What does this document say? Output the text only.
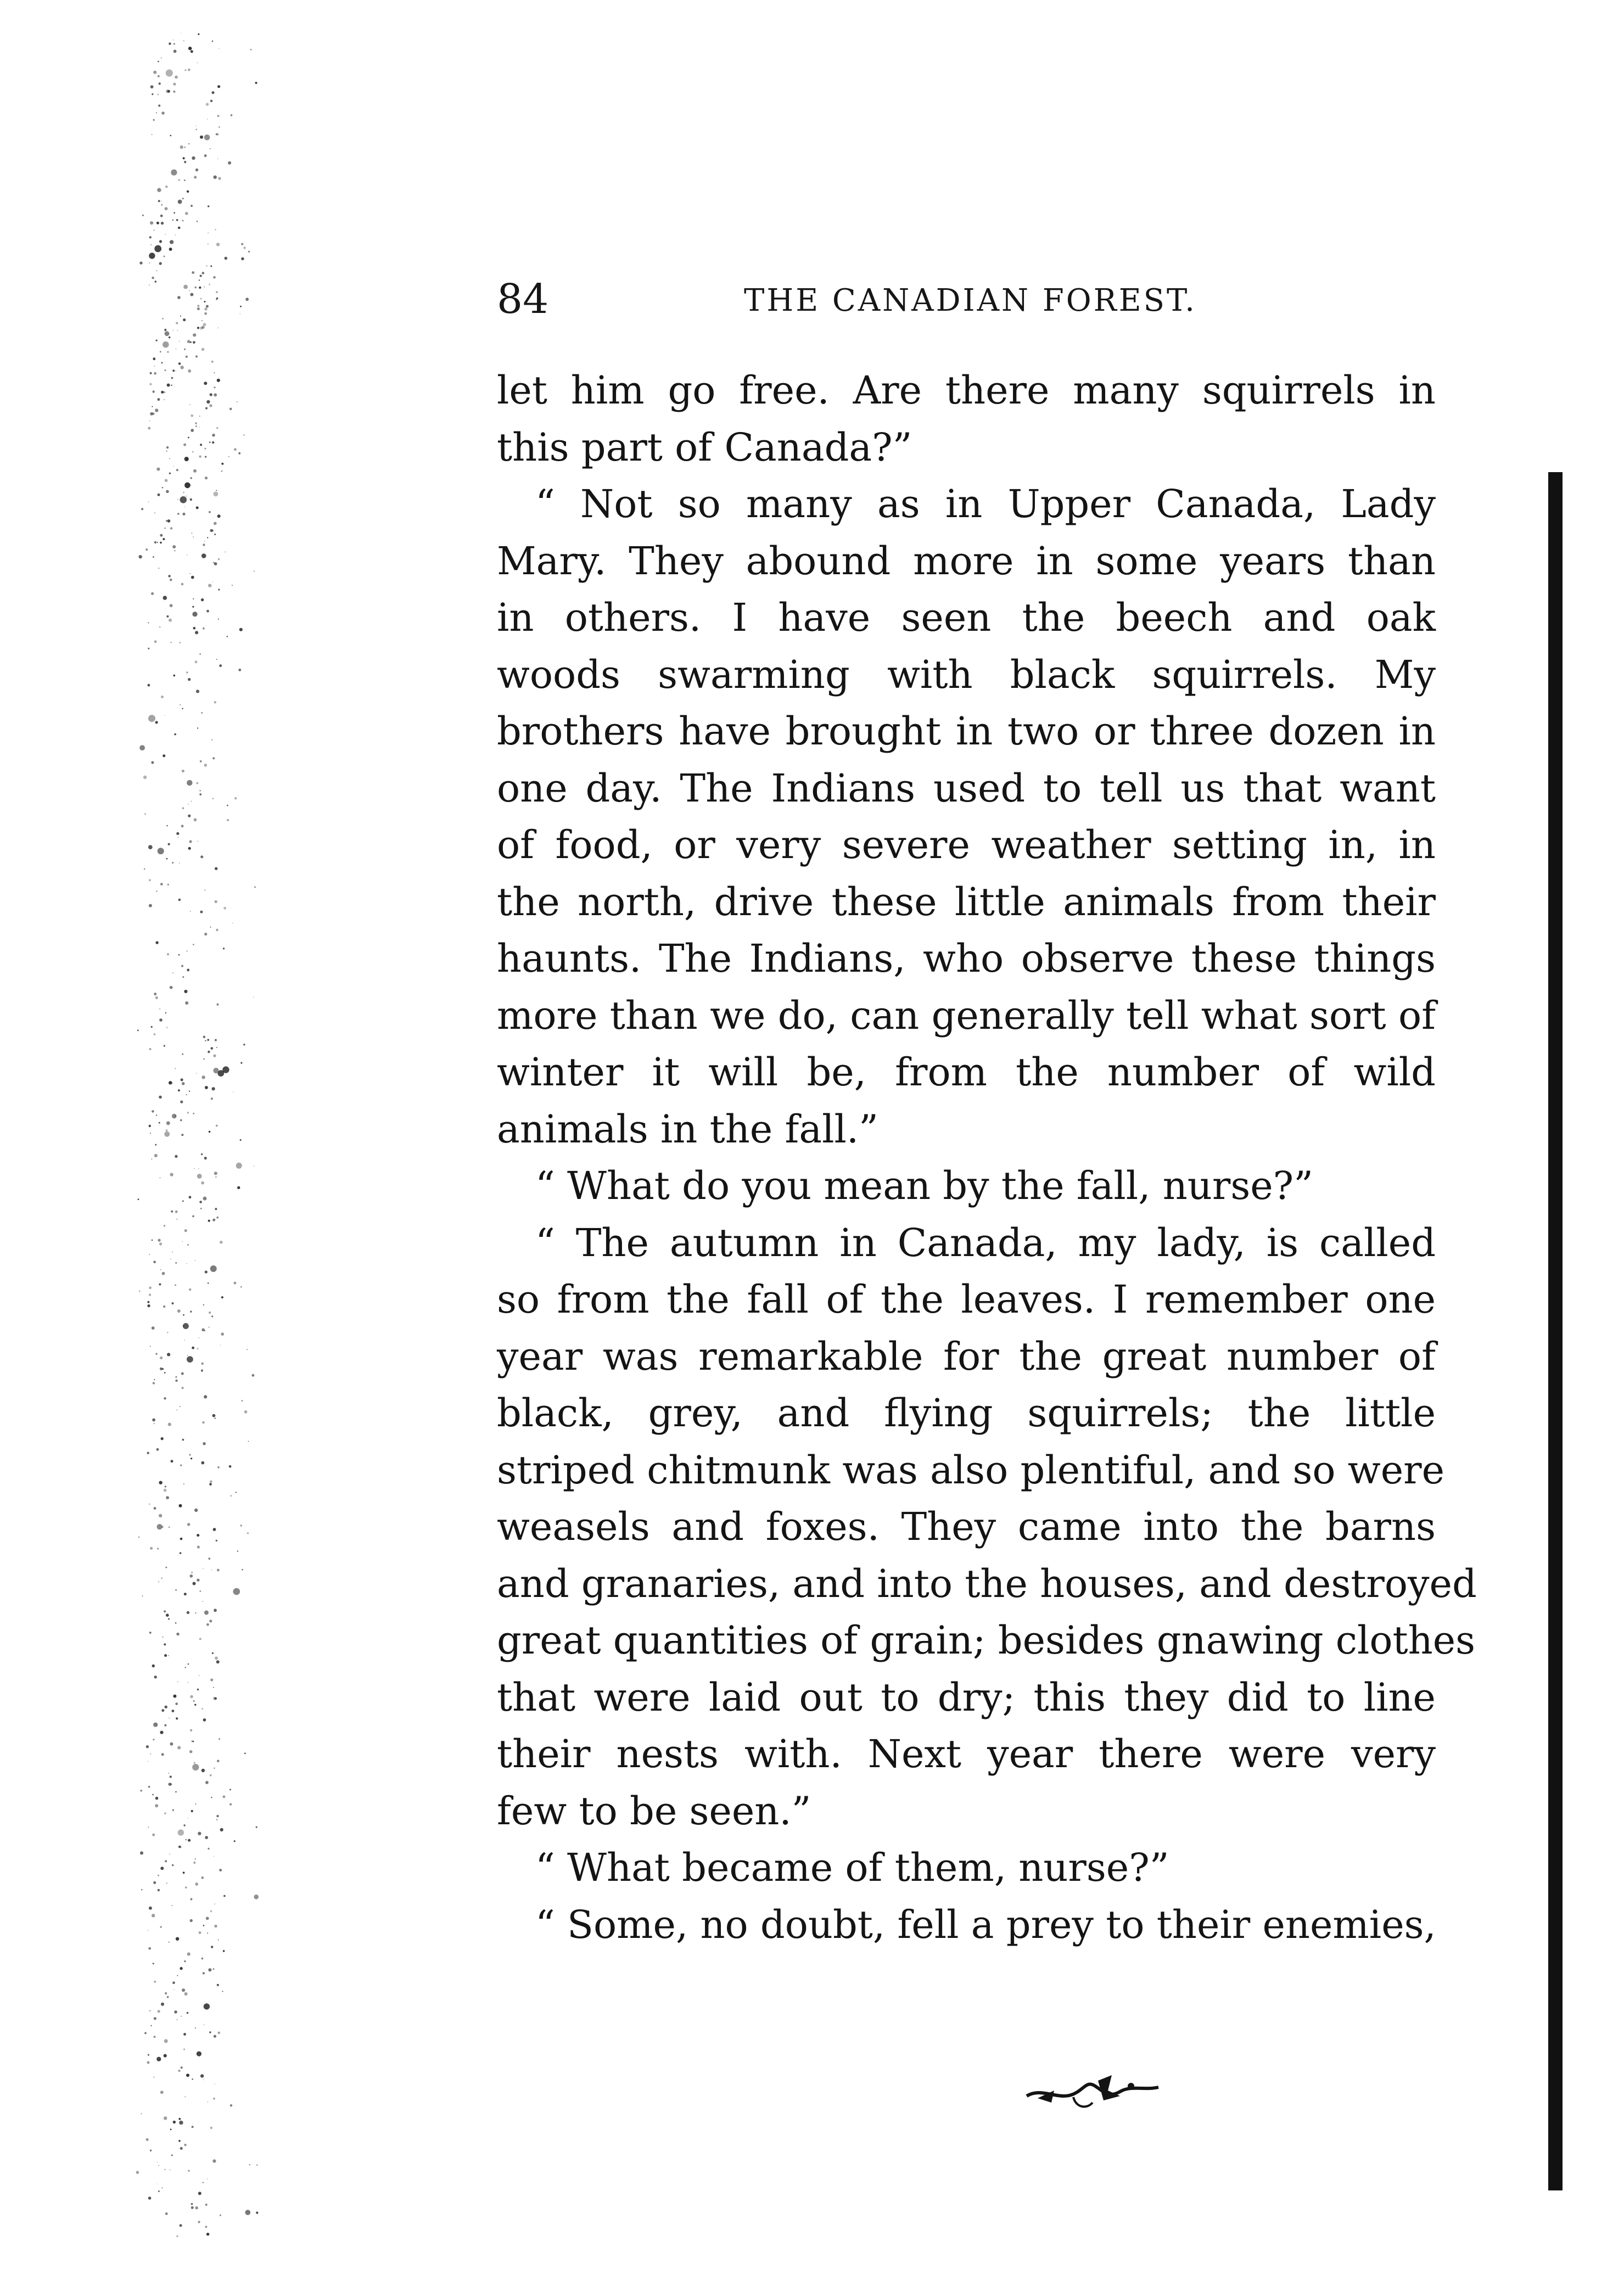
84	THE CANADIAN FOREST.
let him go free. Are there many squirrels in
this part of Canada?”
“ Not so many as in Upper Canada, Lady
Mary. They abound more in some years than
in others. I have seen the beech and oak
woods swarming with black squirrels. My
brothers have brought in two or three dozen in
one day. The Indians used to tell us that want
of food, or very severe weather setting in, in
the north, drive these little animals from their
haunts. The Indians, who observe these things
more than we do, can generally tell what sort of
winter it will be, from the number of wild
animals in the fall.”
“ What do you mean by the fall, nurse?”
“ The autumn in Canada, my lady, is called
so from the fall of the leaves. I remember one
year was remarkable for the great number of
black, grey, and flying squirrels; the little
striped chitmunk was also plentiful, and so were
weasels and foxes. They came into the barns
and granaries, and into the houses, and destroyed
great quantities of grain; besides gnawing clothes
that were laid out to dry; this they did to line
their nests with. Next year there were very
few to be seen.”
“ What became of them, nurse?”
“ Some, no doubt, fell a prey to their enemies,
